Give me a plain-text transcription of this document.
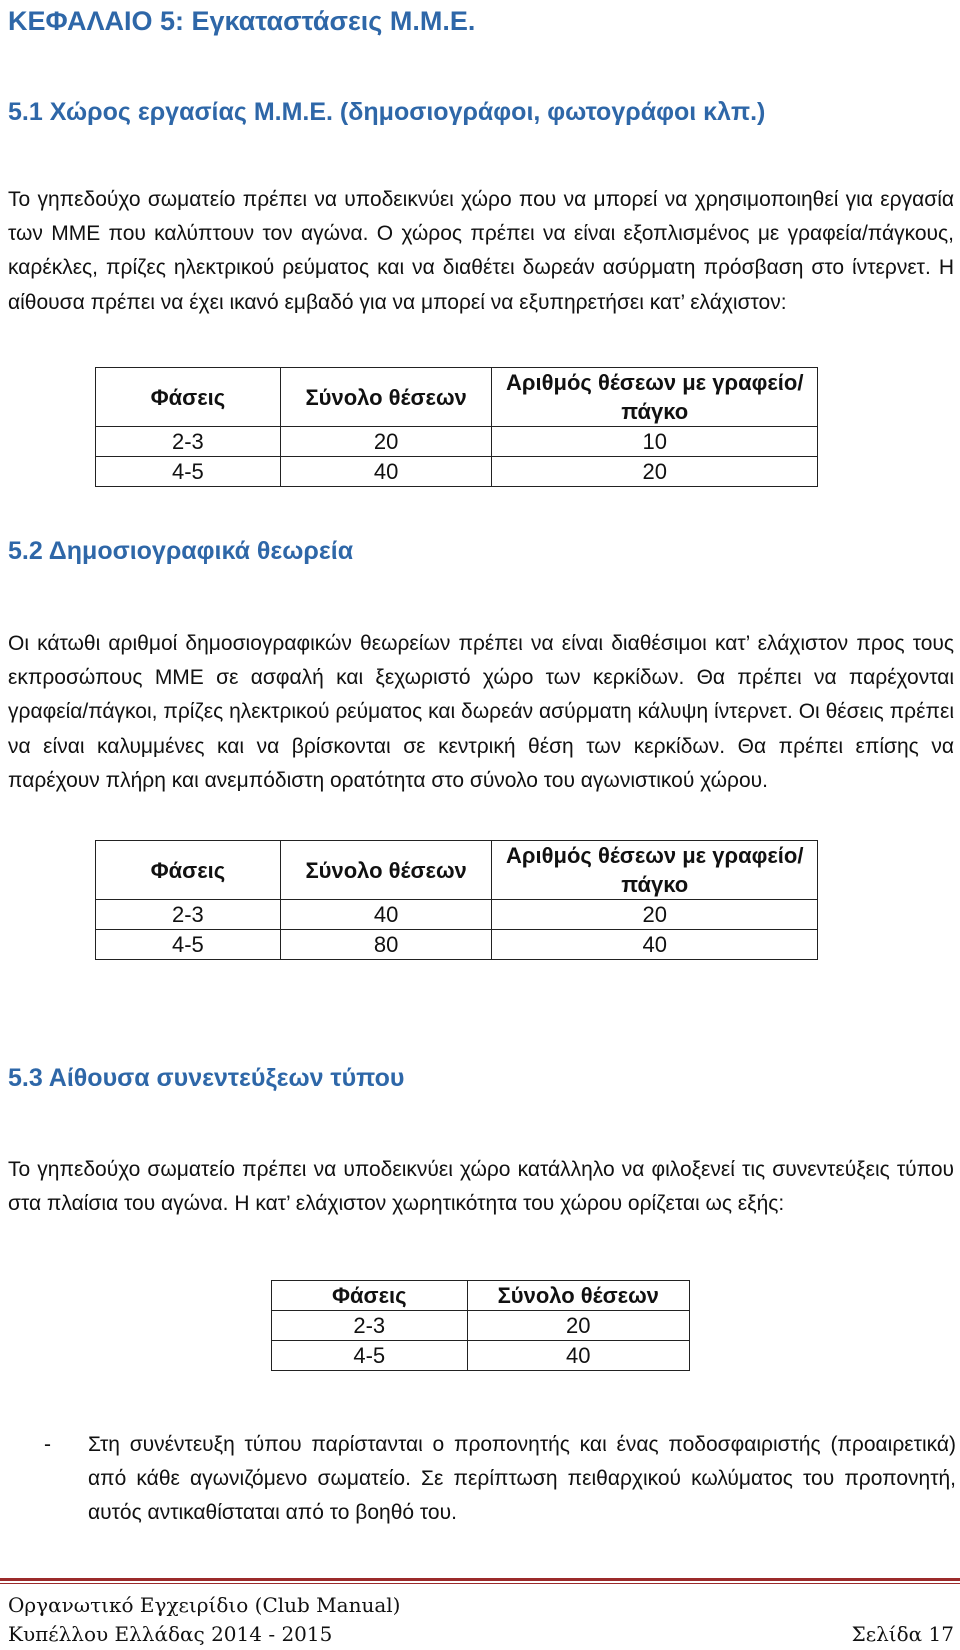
ΚΕΦΑΛΑΙΟ 5: Εγκαταστάσεις Μ.Μ.Ε.
5.1 Χώρος εργασίας Μ.Μ.Ε. (δημοσιογράφοι, φωτογράφοι κλπ.)

Το γηπεδούχο σωματείο πρέπει να υποδεικνύει χώρο που να μπορεί να χρησιμοποιηθεί για εργασία των ΜΜΕ που καλύπτουν τον αγώνα. Ο χώρος πρέπει να είναι εξοπλισμένος με γραφεία/πάγκους, καρέκλες, πρίζες ηλεκτρικού ρεύματος και να διαθέτει δωρεάν ασύρματη πρόσβαση στο ίντερνετ. Η αίθουσα πρέπει να έχει ικανό εμβαδό για να μπορεί να εξυπηρετήσει κατ’ ελάχιστον:

Φάσεις	Σύνολο θέσεων	Αριθμός θέσεων με γραφείο/πάγκο
2-3	20	10
4-5	40	20
5.2 Δημοσιογραφικά θεωρεία

Οι κάτωθι αριθμοί δημοσιογραφικών θεωρείων πρέπει να είναι διαθέσιμοι κατ’ ελάχιστον προς τους εκπροσώπους ΜΜΕ σε ασφαλή και ξεχωριστό χώρο των κερκίδων. Θα πρέπει να παρέχονται γραφεία/πάγκοι, πρίζες ηλεκτρικού ρεύματος και δωρεάν ασύρματη κάλυψη ίντερνετ. Οι θέσεις πρέπει να είναι καλυμμένες και να βρίσκονται σε κεντρική θέση των κερκίδων. Θα πρέπει επίσης να παρέχουν πλήρη και ανεμπόδιστη ορατότητα στο σύνολο του αγωνιστικού χώρου.

Φάσεις	Σύνολο θέσεων	Αριθμός θέσεων με γραφείο/πάγκο
2-3	40	20
4-5	80	40
5.3 Αίθουσα συνεντεύξεων τύπου

Το γηπεδούχο σωματείο πρέπει να υποδεικνύει χώρο κατάλληλο να φιλοξενεί τις συνεντεύξεις τύπου στα πλαίσια του αγώνα. Η κατ’ ελάχιστον χωρητικότητα του χώρου ορίζεται ως εξής:

Φάσεις	Σύνολο θέσεων
2-3	20
4-5	40
- Στη συνέντευξη τύπου παρίστανται ο προπονητής και ένας ποδοσφαιριστής (προαιρετικά) από κάθε αγωνιζόμενο σωματείο. Σε περίπτωση πειθαρχικού κωλύματος του προπονητή, αυτός αντικαθίσταται από το βοηθό του.

Οργανωτικό Εγχειρίδιο (Club Manual)
Κυπέλλου Ελλάδας 2014 - 2015	Σελίδα 17
